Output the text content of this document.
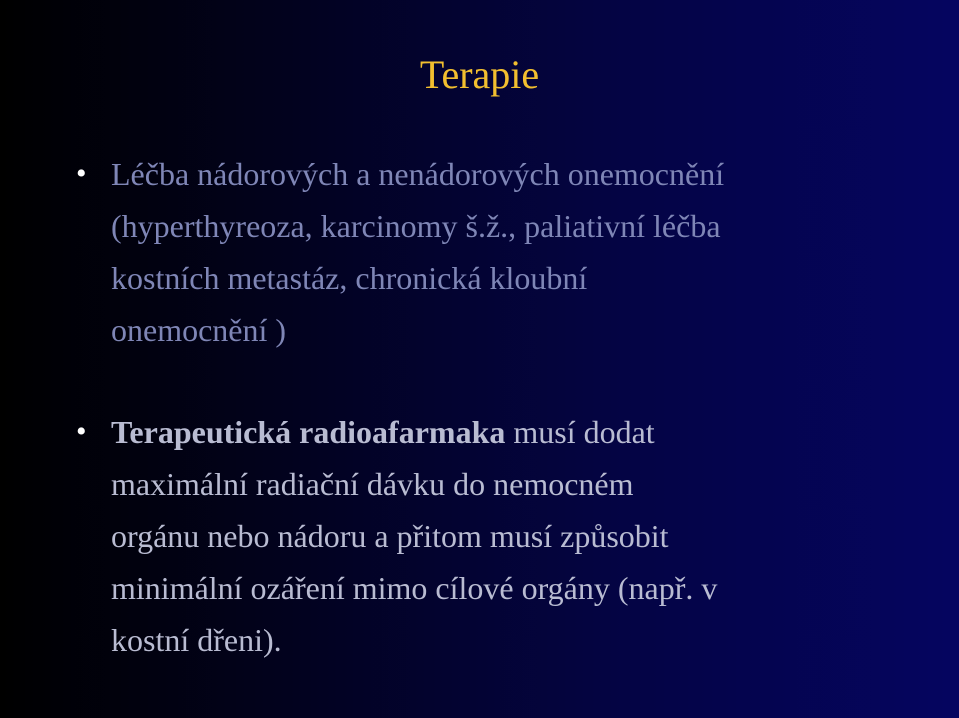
Terapie
• Léčba nádorových a nenádorových onemocnění
(hyperthyreoza, karcinomy š.ž., paliativní léčba
kostních metastáz, chronická kloubní
onemocnění )
• Terapeutická radioafarmaka musí dodat
maximální radiační dávku do nemocném
orgánu nebo nádoru a přitom musí způsobit
minimální ozáření mimo cílové orgány (např. v
kostní dřeni).
